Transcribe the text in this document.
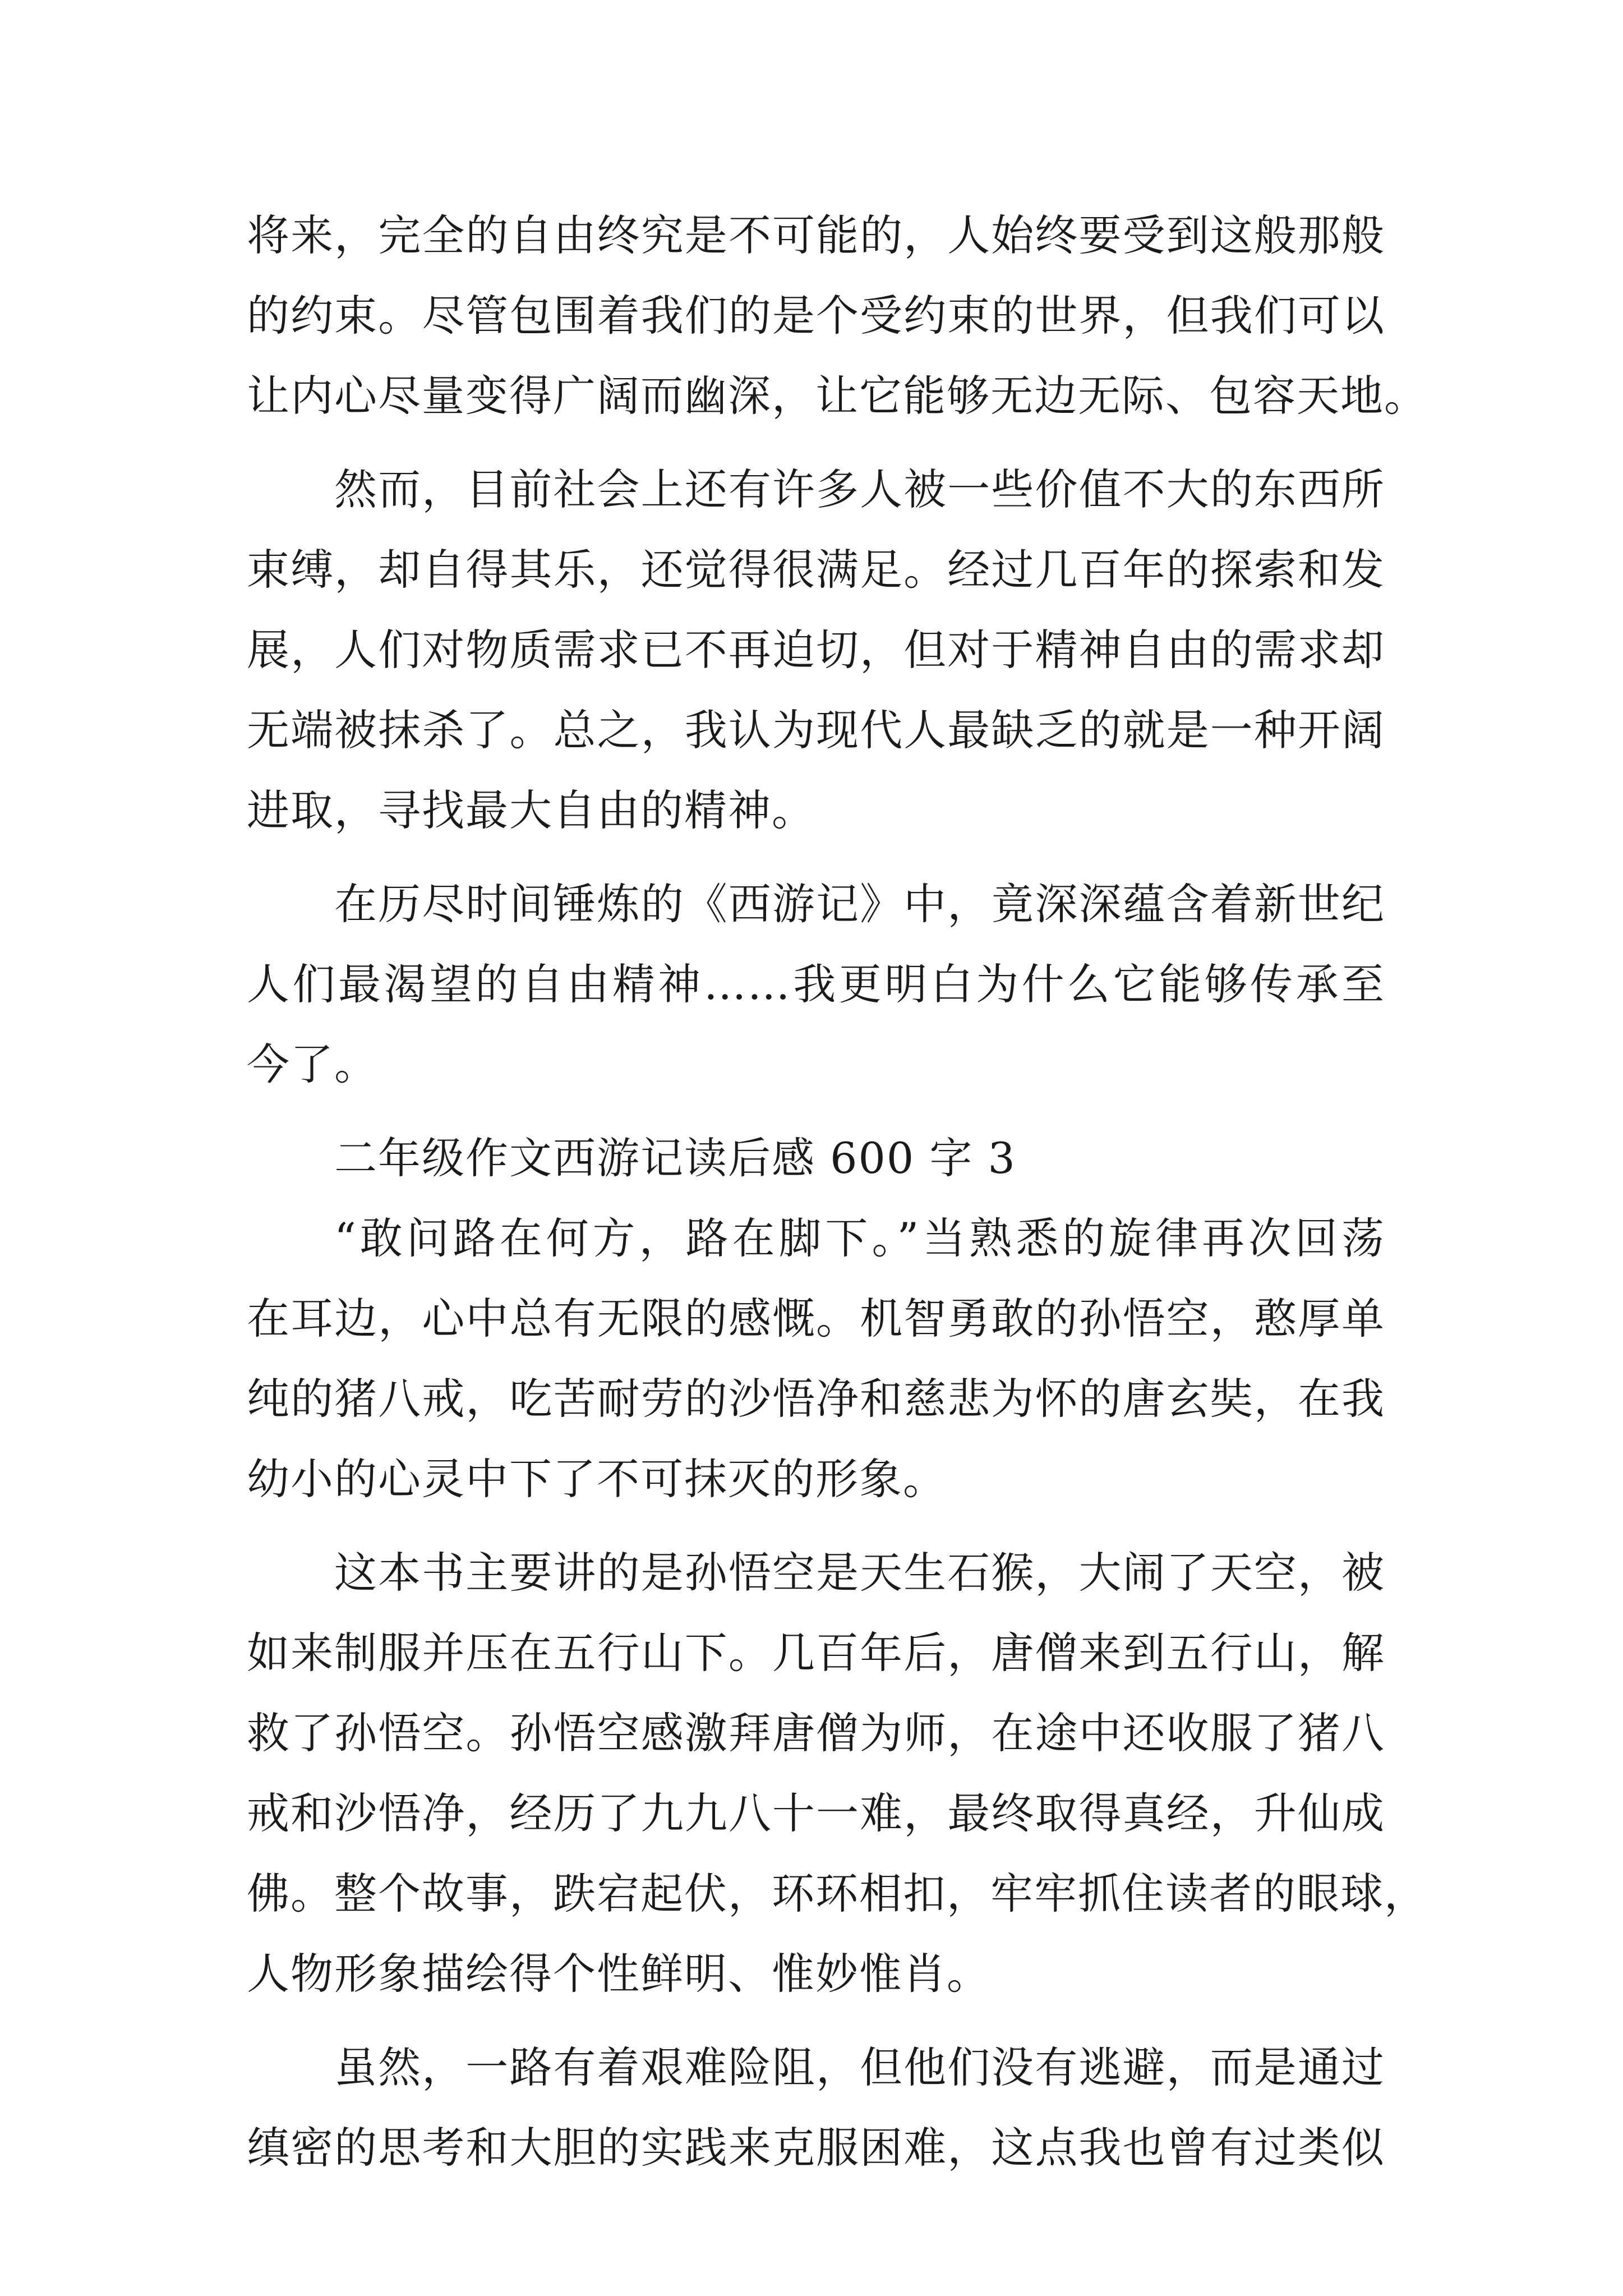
将来，完全的自由终究是不可能的，人始终要受到这般那般
的约束。尽管包围着我们的是个受约束的世界，但我们可以
让内心尽量变得广阔而幽深，让它能够无边无际、包容天地。
然而，目前社会上还有许多人被一些价值不大的东西所
束缚，却自得其乐，还觉得很满足。经过几百年的探索和发
展，人们对物质需求已不再迫切，但对于精神自由的需求却
无端被抹杀了。总之，我认为现代人最缺乏的就是一种开阔
进取，寻找最大自由的精神。
在历尽时间锤炼的《西游记》中，竟深深蕴含着新世纪
人们最渴望的自由精神……我更明白为什么它能够传承至
今了。
二年级作文西游记读后感 600 字 3
“敢问路在何方，路在脚下。”当熟悉的旋律再次回荡
在耳边，心中总有无限的感慨。机智勇敢的孙悟空，憨厚单
纯的猪八戒，吃苦耐劳的沙悟净和慈悲为怀的唐玄奘，在我
幼小的心灵中下了不可抹灭的形象。
这本书主要讲的是孙悟空是天生石猴，大闹了天空，被
如来制服并压在五行山下。几百年后，唐僧来到五行山，解
救了孙悟空。孙悟空感激拜唐僧为师，在途中还收服了猪八
戒和沙悟净，经历了九九八十一难，最终取得真经，升仙成
佛。整个故事，跌宕起伏，环环相扣，牢牢抓住读者的眼球，
人物形象描绘得个性鲜明、惟妙惟肖。
虽然，一路有着艰难险阻，但他们没有逃避，而是通过
缜密的思考和大胆的实践来克服困难，这点我也曾有过类似
